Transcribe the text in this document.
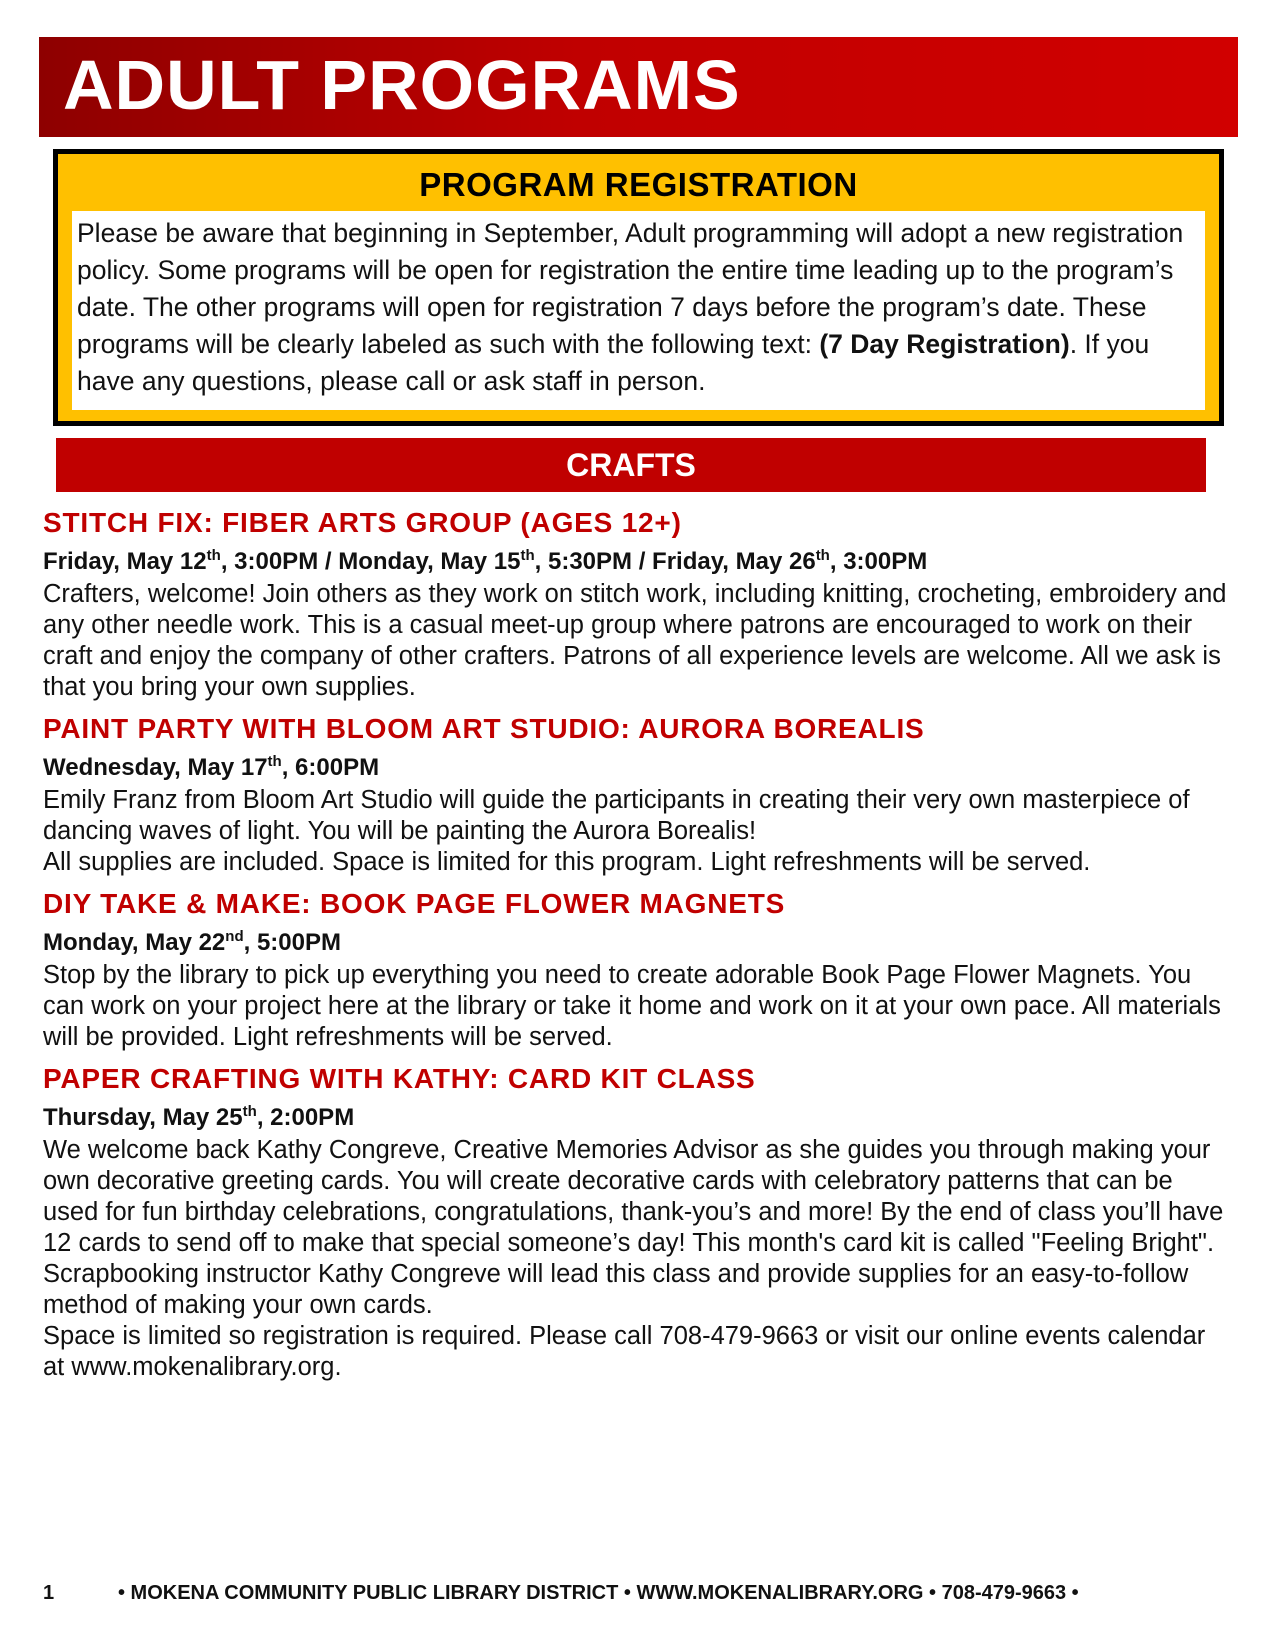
ADULT PROGRAMS
PROGRAM REGISTRATION
Please be aware that beginning in September, Adult programming will adopt a new registration policy. Some programs will be open for registration the entire time leading up to the program’s date. The other programs will open for registration 7 days before the program’s date. These programs will be clearly labeled as such with the following text: (7 Day Registration). If you have any questions, please call or ask staff in person.
CRAFTS
STITCH FIX: FIBER ARTS GROUP (AGES 12+)
Friday, May 12th, 3:00PM / Monday, May 15th, 5:30PM / Friday, May 26th, 3:00PM

Crafters, welcome! Join others as they work on stitch work, including knitting, crocheting, embroidery and any other needle work. This is a casual meet-up group where patrons are encouraged to work on their craft and enjoy the company of other crafters. Patrons of all experience levels are welcome. All we ask is that you bring your own supplies.

PAINT PARTY WITH BLOOM ART STUDIO: AURORA BOREALIS
Wednesday, May 17th, 6:00PM

Emily Franz from Bloom Art Studio will guide the participants in creating their very own masterpiece of dancing waves of light. You will be painting the Aurora Borealis!

All supplies are included. Space is limited for this program. Light refreshments will be served.

DIY TAKE & MAKE: BOOK PAGE FLOWER MAGNETS
Monday, May 22nd, 5:00PM

Stop by the library to pick up everything you need to create adorable Book Page Flower Magnets. You can work on your project here at the library or take it home and work on it at your own pace. All materials will be provided. Light refreshments will be served.

PAPER CRAFTING WITH KATHY: CARD KIT CLASS
Thursday, May 25th, 2:00PM

We welcome back Kathy Congreve, Creative Memories Advisor as she guides you through making your own decorative greeting cards. You will create decorative cards with celebratory patterns that can be used for fun birthday celebrations, congratulations, thank-you’s and more! By the end of class you’ll have 12 cards to send off to make that special someone’s day! This month's card kit is called "Feeling Bright".

Scrapbooking instructor Kathy Congreve will lead this class and provide supplies for an easy-to-follow method of making your own cards.

Space is limited so registration is required. Please call 708-479-9663 or visit our online events calendar at www.mokenalibrary.org.

1	• MOKENA COMMUNITY PUBLIC LIBRARY DISTRICT • WWW.MOKENALIBRARY.ORG • 708-479-9663 •
